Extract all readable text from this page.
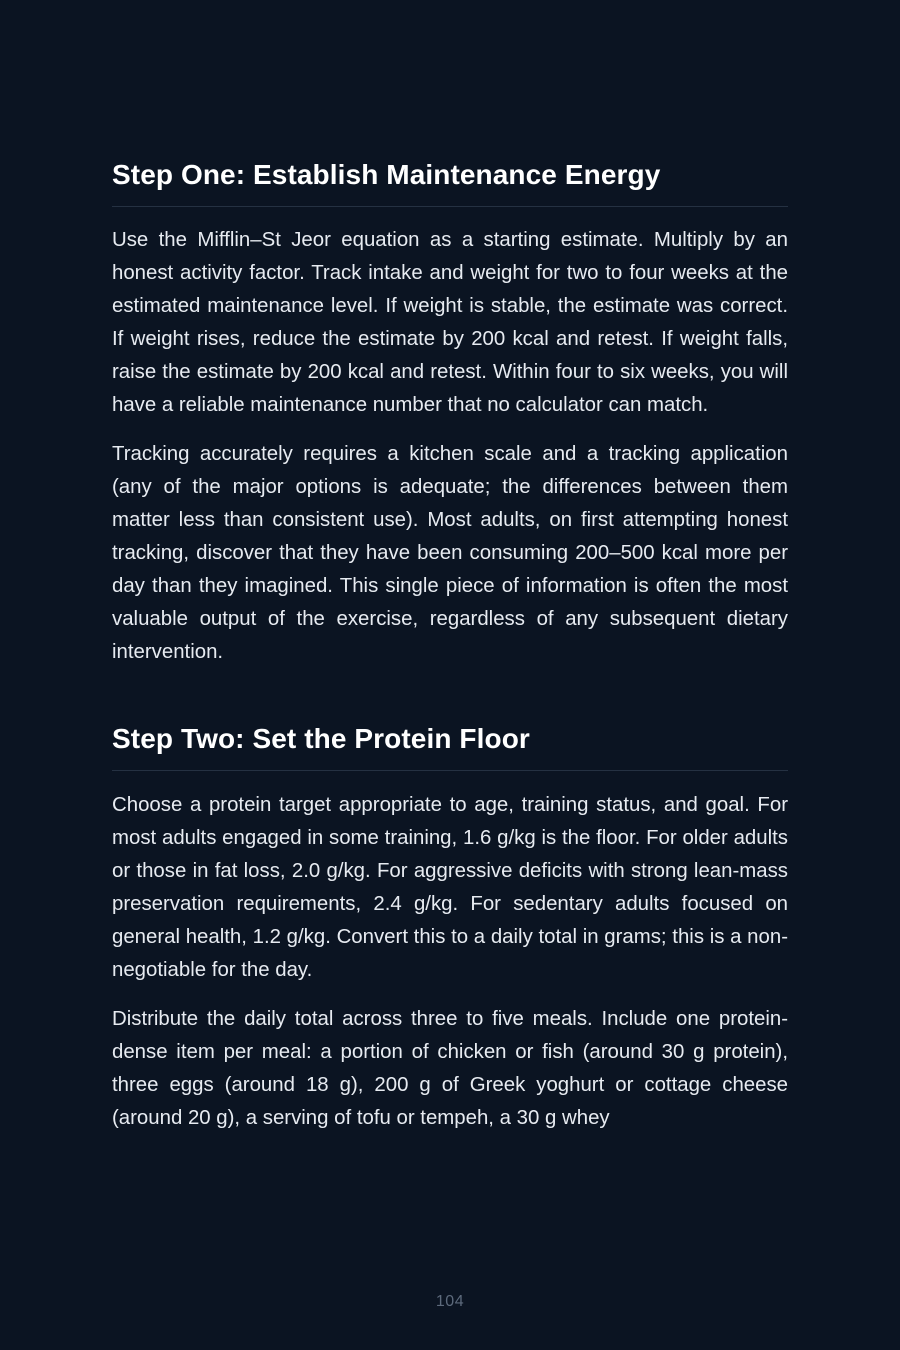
Step One: Establish Maintenance Energy

Use the Mifflin–St Jeor equation as a starting estimate. Multiply by an honest activity factor. Track intake and weight for two to four weeks at the estimated maintenance level. If weight is stable, the estimate was correct. If weight rises, reduce the estimate by 200 kcal and retest. If weight falls, raise the estimate by 200 kcal and retest. Within four to six weeks, you will have a reliable maintenance number that no calculator can match.

Tracking accurately requires a kitchen scale and a tracking application (any of the major options is adequate; the differences between them matter less than consistent use). Most adults, on first attempting honest tracking, discover that they have been consuming 200–500 kcal more per day than they imagined. This single piece of information is often the most valuable output of the exercise, regardless of any subsequent dietary intervention.

Step Two: Set the Protein Floor

Choose a protein target appropriate to age, training status, and goal. For most adults engaged in some training, 1.6 g/kg is the floor. For older adults or those in fat loss, 2.0 g/kg. For aggressive deficits with strong lean-mass preservation requirements, 2.4 g/kg. For sedentary adults focused on general health, 1.2 g/kg. Convert this to a daily total in grams; this is a non-negotiable for the day.

Distribute the daily total across three to five meals. Include one protein-dense item per meal: a portion of chicken or fish (around 30 g protein), three eggs (around 18 g), 200 g of Greek yoghurt or cottage cheese (around 20 g), a serving of tofu or tempeh, a 30 g whey

104
